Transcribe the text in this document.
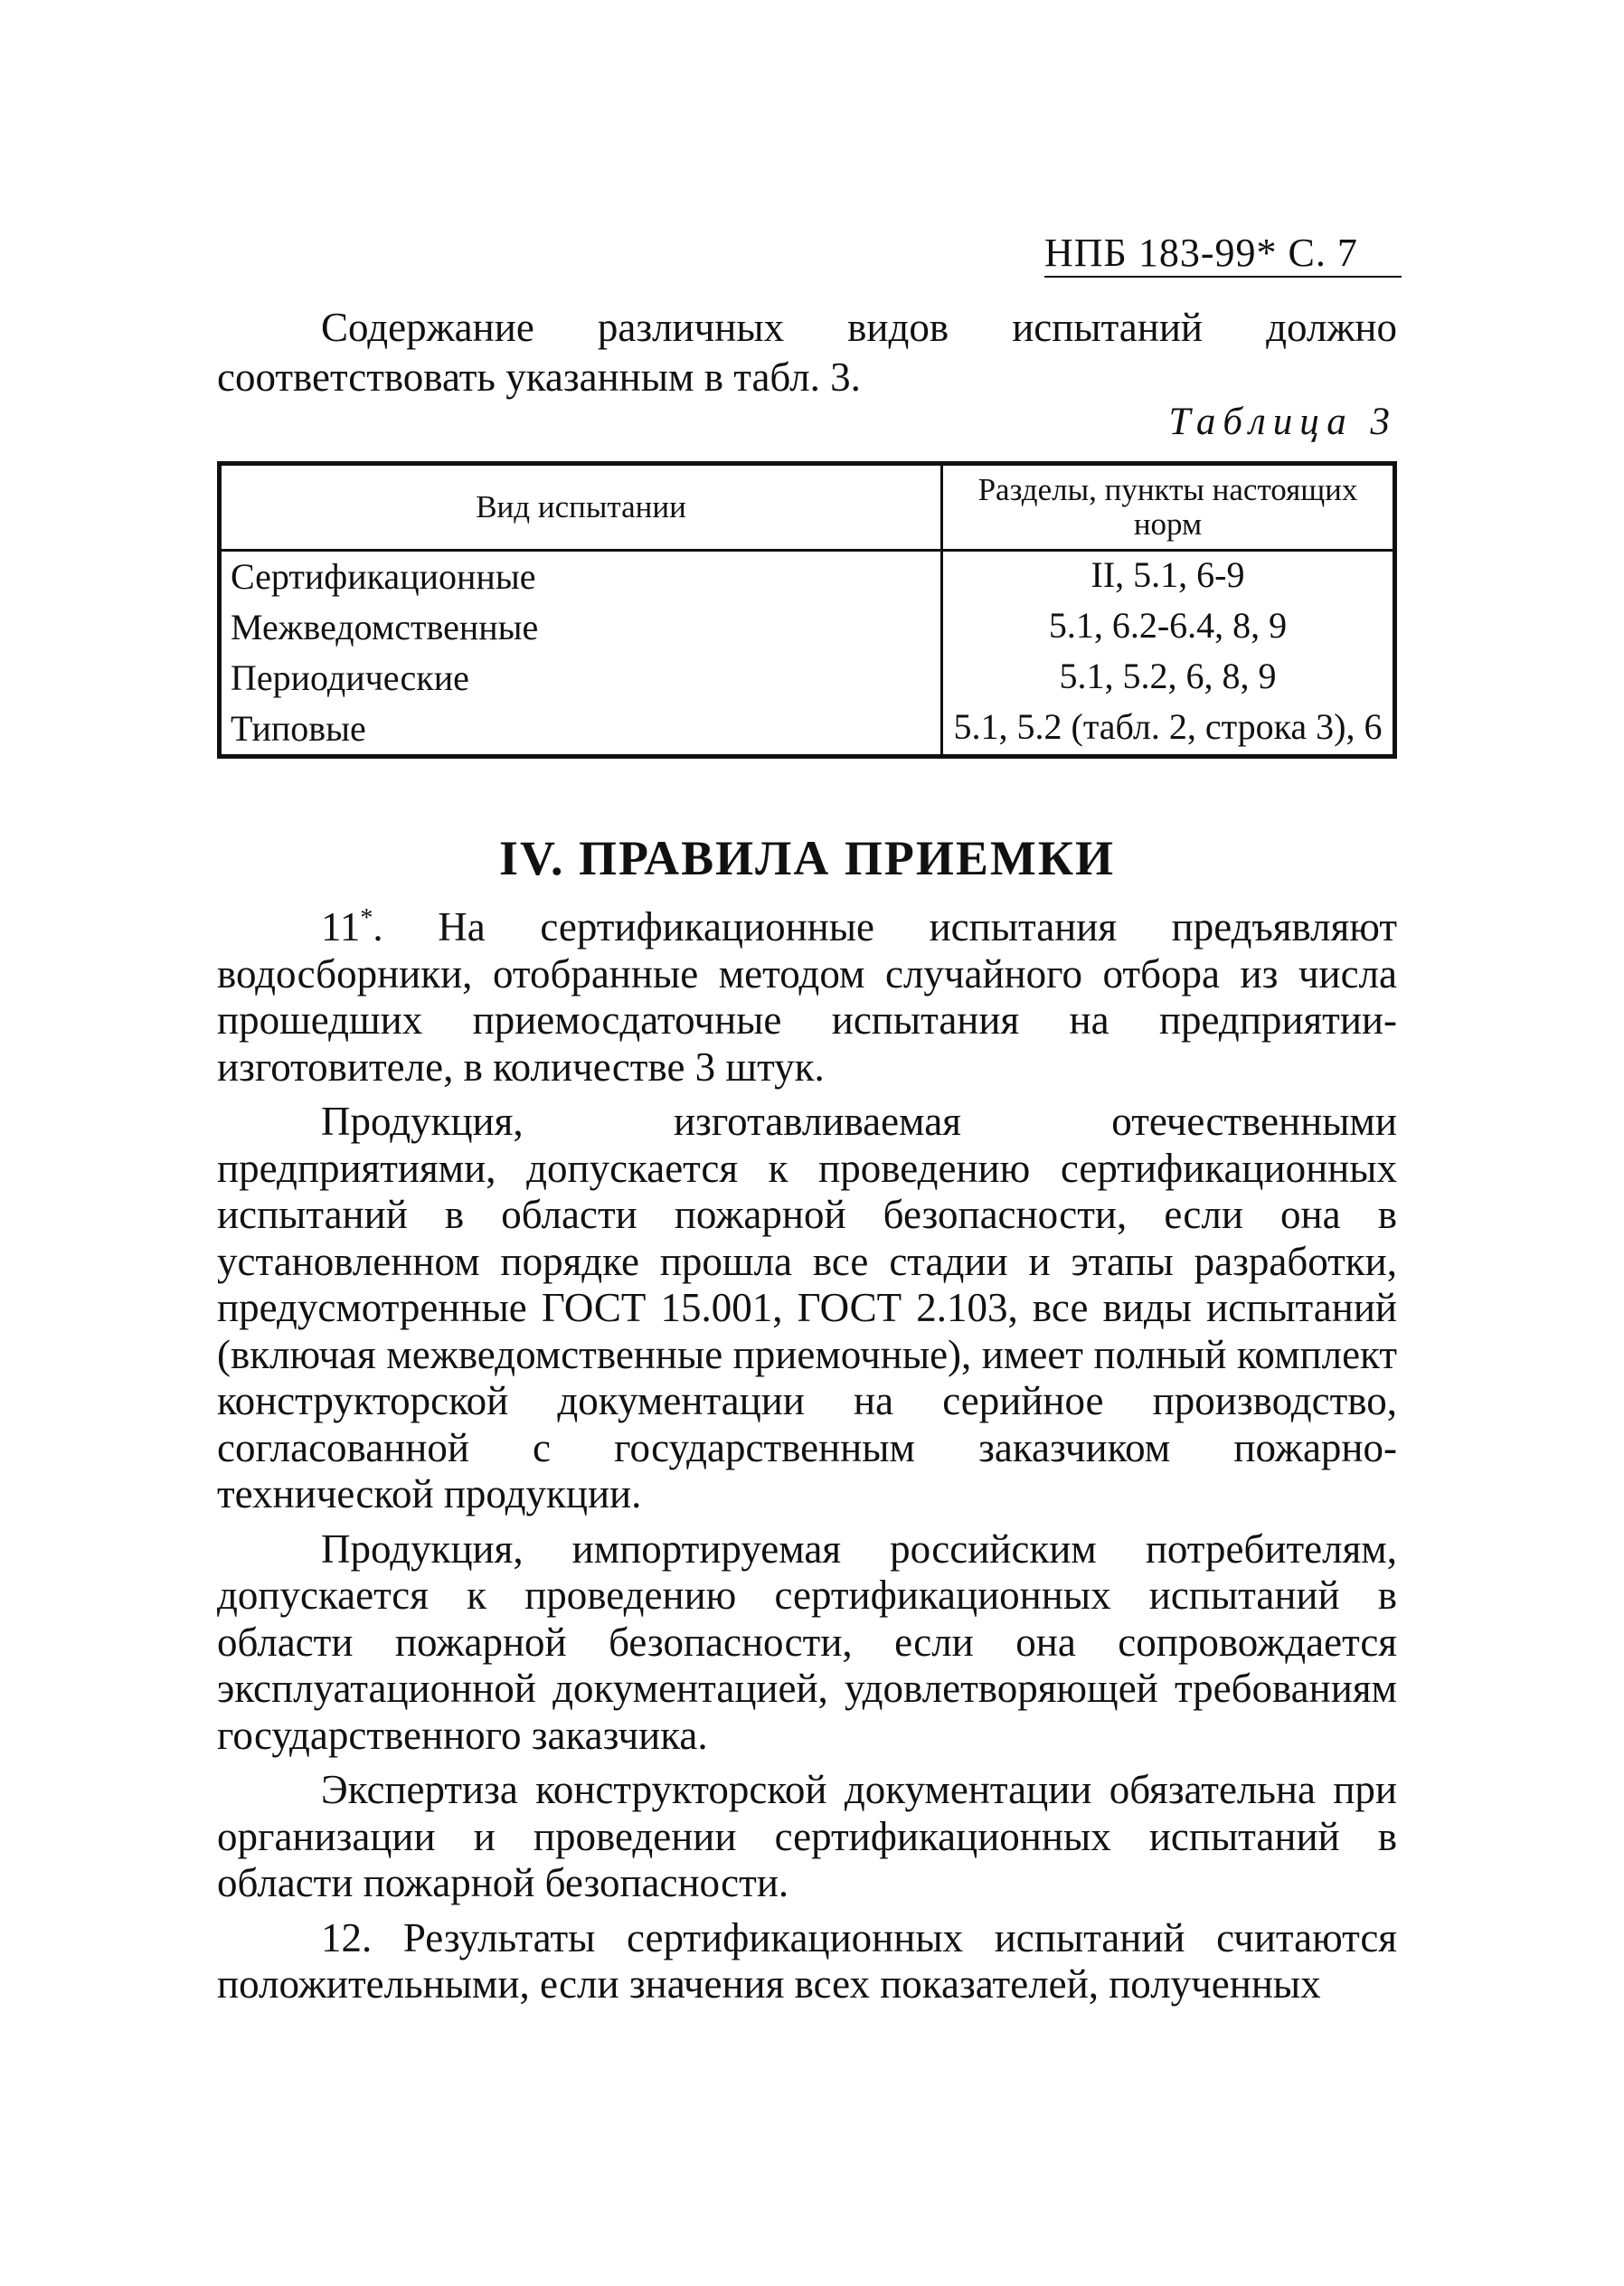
НПБ 183-99* С. 7

Содержание различных видов испытаний должно соответствовать указанным в табл. 3.

Таблица 3
Вид испытании	Разделы, пункты настоящих норм
Сертификационные	II, 5.1, 6-9
Межведомственные	5.1, 6.2-6.4, 8, 9
Периодические	5.1, 5.2, 6, 8, 9
Типовые	5.1, 5.2 (табл. 2, строка 3), 6
IV. ПРАВИЛА ПРИЕМКИ

11*. На сертификационные испытания предъявляют водосборники, отобранные методом случайного отбора из числа прошедших приемосдаточные испытания на предприятии-изготовителе, в количестве 3 штук.

Продукция, изготавливаемая отечественными предприятиями, допускается к проведению сертификационных испытаний в области пожарной безопасности, если она в установленном порядке прошла все стадии и этапы разработки, предусмотренные ГОСТ 15.001, ГОСТ 2.103, все виды испытаний (включая межведомственные приемочные), имеет полный комплект конструкторской документации на серийное производство, согласованной с государственным заказчиком пожарно-технической продукции.

Продукция, импортируемая российским потребителям, допускается к проведению сертификационных испытаний в области пожарной безопасности, если она сопровождается эксплуатационной документацией, удовлетворяющей требованиям государственного заказчика.

Экспертиза конструкторской документации обязательна при организации и проведении сертификационных испытаний в области пожарной безопасности.

12. Результаты сертификационных испытаний считаются положительными, если значения всех показателей, полученных
